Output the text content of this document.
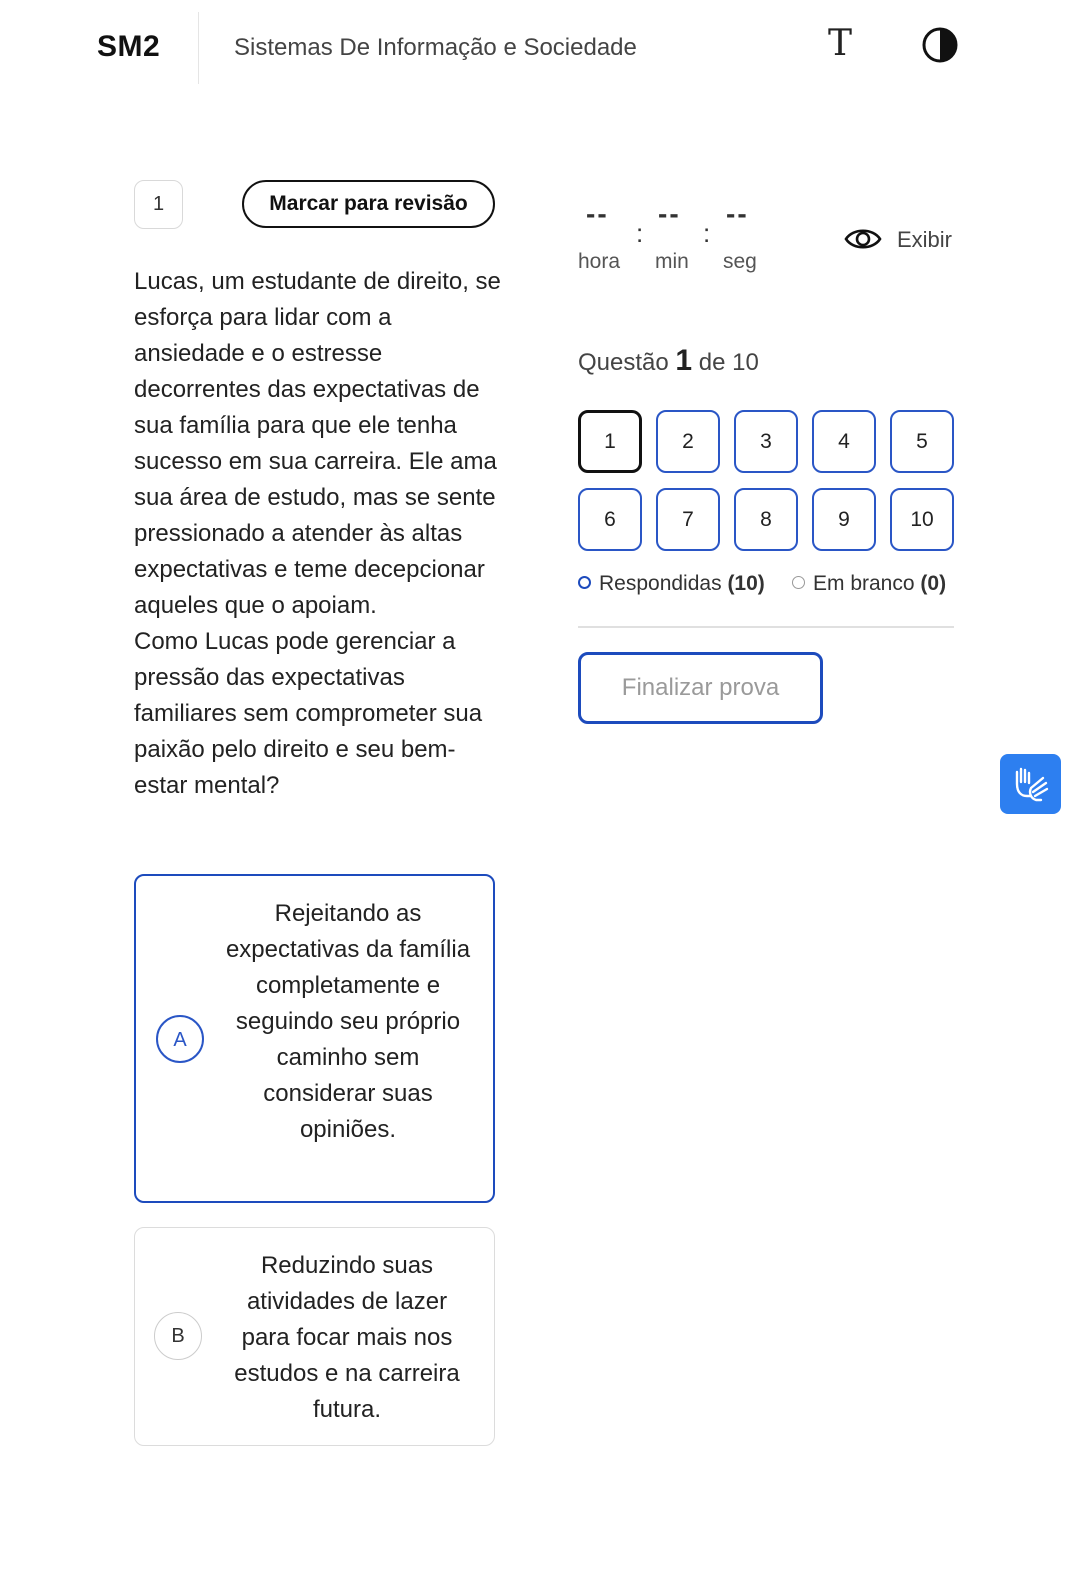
SM2	Sistemas De Informação e Sociedade	T
1	Marcar para revisão

Lucas, um estudante de direito, se esforça para lidar com a ansiedade e o estresse decorrentes das expectativas de sua família para que ele tenha sucesso em sua carreira. Ele ama sua área de estudo, mas se sente pressionado a atender às altas expectativas e teme decepcionar aqueles que o apoiam.

Como Lucas pode gerenciar a pressão das expectativas familiares sem comprometer sua paixão pelo direito e seu bem-estar mental?

A
Rejeitando as expectativas da família completamente e seguindo seu próprio caminho sem considerar suas opiniões.
B
Reduzindo suas atividades de lazer para focar mais nos estudos e na carreira futura.
--
:
--
:
--
hora min seg
Exibir
Questão 1 de 10
1	2	3	4	5
6	7	8	9	10
Respondidas (10)	Em branco (0)
Finalizar prova
